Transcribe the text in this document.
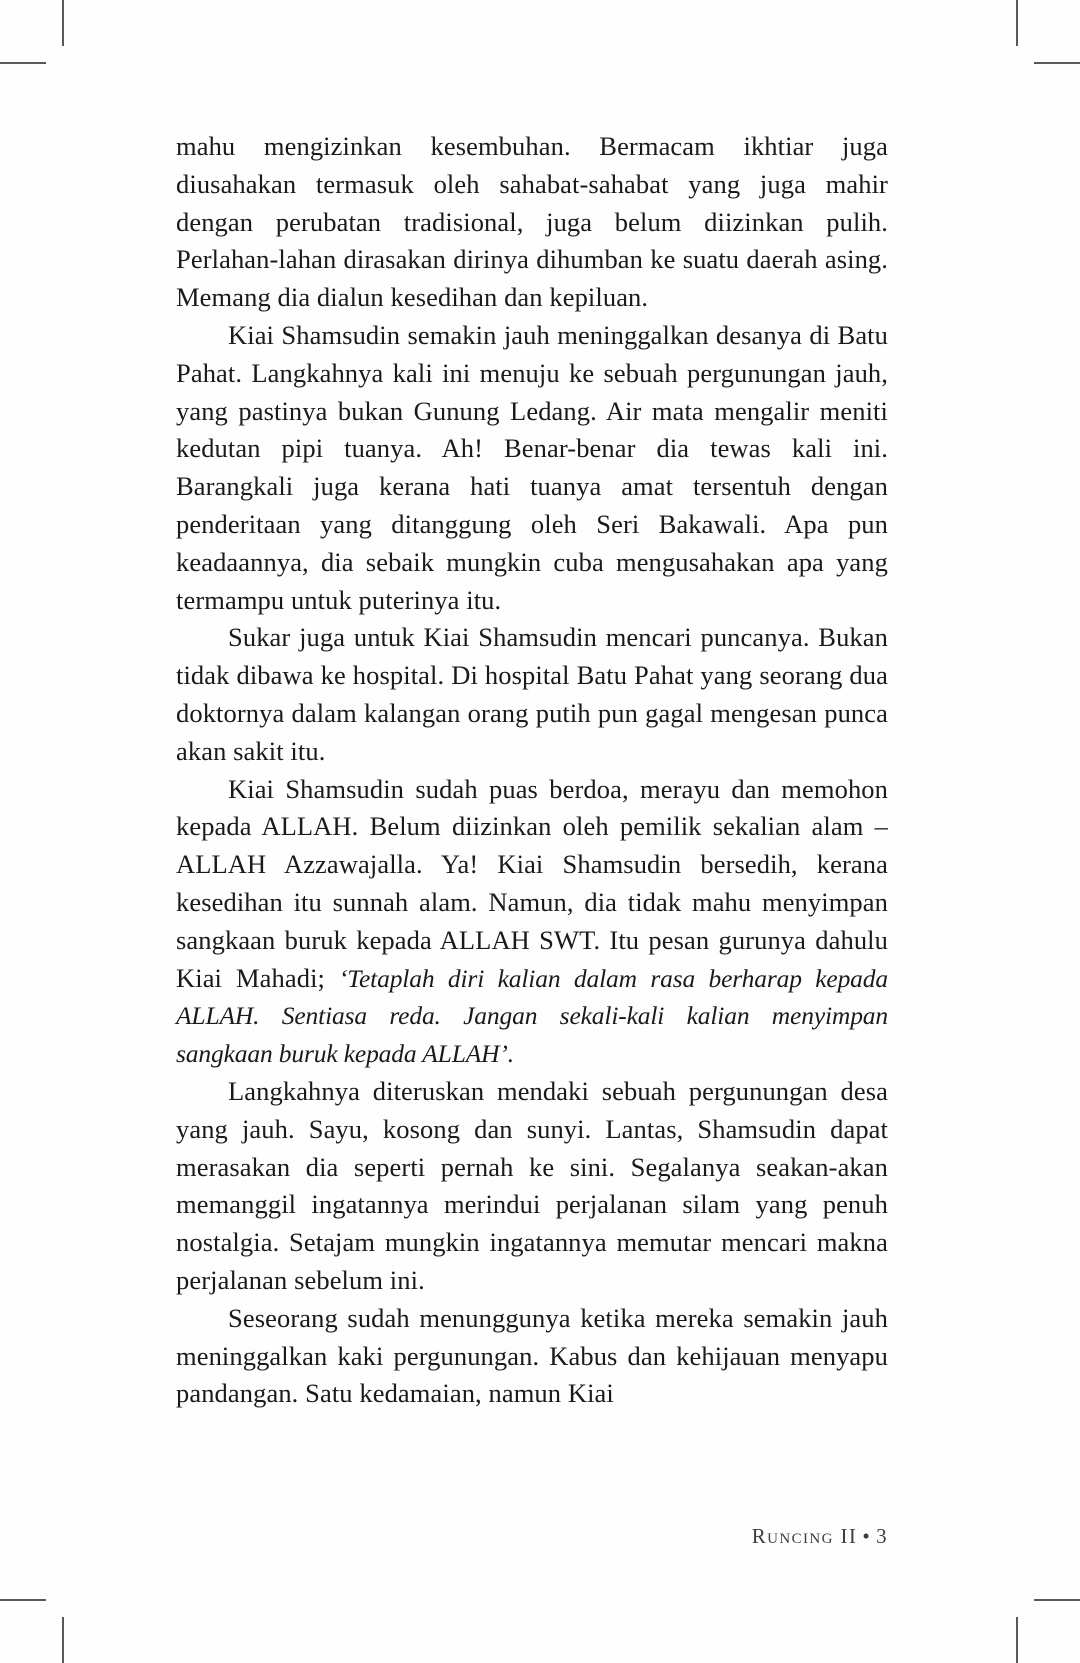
mahu mengizinkan kesembuhan. Bermacam ikhtiar juga diusahakan termasuk oleh sahabat-sahabat yang juga mahir dengan perubatan tradisional, juga belum diizinkan pulih. Perlahan-lahan dirasakan dirinya dihumban ke suatu daerah asing. Memang dia dialun kesedihan dan kepiluan.

Kiai Shamsudin semakin jauh meninggalkan desanya di Batu Pahat. Langkahnya kali ini menuju ke sebuah pergunungan jauh, yang pastinya bukan Gunung Ledang. Air mata mengalir meniti kedutan pipi tuanya. Ah! Benar-benar dia tewas kali ini. Barangkali juga kerana hati tuanya amat tersentuh dengan penderitaan yang ditanggung oleh Seri Bakawali. Apa pun keadaannya, dia sebaik mungkin cuba mengusahakan apa yang termampu untuk puterinya itu.

Sukar juga untuk Kiai Shamsudin mencari puncanya. Bukan tidak dibawa ke hospital. Di hospital Batu Pahat yang seorang dua doktornya dalam kalangan orang putih pun gagal mengesan punca akan sakit itu.

Kiai Shamsudin sudah puas berdoa, merayu dan memohon kepada ALLAH. Belum diizinkan oleh pemilik sekalian alam – ALLAH Azzawajalla. Ya! Kiai Shamsudin bersedih, kerana kesedihan itu sunnah alam. Namun, dia tidak mahu menyimpan sangkaan buruk kepada ALLAH SWT. Itu pesan gurunya dahulu Kiai Mahadi; ‘Tetaplah diri kalian dalam rasa berharap kepada ALLAH. Sentiasa reda. Jangan sekali-kali kalian menyimpan sangkaan buruk kepada ALLAH’.

Langkahnya diteruskan mendaki sebuah pergunungan desa yang jauh. Sayu, kosong dan sunyi. Lantas, Shamsudin dapat merasakan dia seperti pernah ke sini. Segalanya seakan-akan memanggil ingatannya merindui perjalanan silam yang penuh nostalgia. Setajam mungkin ingatannya memutar mencari makna perjalanan sebelum ini.

Seseorang sudah menunggunya ketika mereka semakin jauh meninggalkan kaki pergunungan. Kabus dan kehijauan menyapu pandangan. Satu kedamaian, namun Kiai

Runcing II • 3
